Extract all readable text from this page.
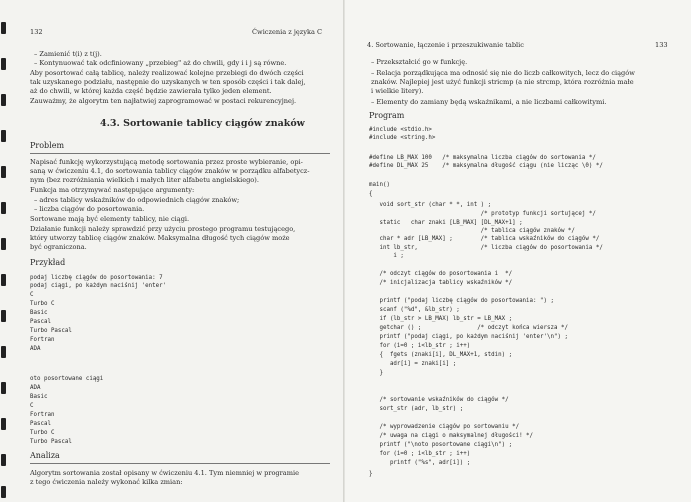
132	Ćwiczenia z języka C
– Zamienić t(i) z t(j).
– Kontynuować tak odcfiniowany „przebieg" aż do chwili, gdy i i j są równe.
Aby posortować całą tablicę, należy realizować kolejne przebiegi do dwóch części
tak uzyskanego podziału, następnie do uzyskanych w ten sposób części i tak dalej,
aż do chwili, w której każda część będzie zawierała tylko jeden element.
Zauważmy, że algorytm ten najłatwiej zaprogramować w postaci rekurencyjnej.
4.3. Sortowanie tablicy ciągów znaków
Problem
Napisać funkcję wykorzystującą metodę sortowania przez proste wybieranie, opi-
saną w ćwiczeniu 4.1, do sortowania tablicy ciągów znaków w porządku alfabetycz-
nym (bez rozróżniania wielkich i małych liter alfabetu angielskiego).
Funkcja ma otrzymywać następujące argumenty:
– adres tablicy wskaźników do odpowiednich ciągów znaków;
– liczba ciągów do posortowania.
Sortowane mają być elementy tablicy, nie ciągi.
Działanie funkcji należy sprawdzić przy użyciu prostego programu testującego,
który utworzy tablicę ciągów znaków. Maksymalna długość tych ciągów może
być ograniczona.
Przykład
podaj liczbę ciągów do posortowania: 7
podaj ciągi, po każdym naciśnij 'enter'
C
Turbo C
Basic
Pascal
Turbo Pascal
Fortran
ADA
oto posortowane ciągi
ADA
Basic
C
Fortran
Pascal
Turbo C
Turbo Pascal
Analiza
Algorytm sortowania został opisany w ćwiczeniu 4.1. Tym niemniej w programie
z tego ćwiczenia należy wykonać kilka zmian:
4. Sortowanie, łączenie i przeszukiwanie tablic	133
– Przekształcić go w funkcję.
– Relacja porządkująca ma odnosić się nie do liczb całkowitych, lecz do ciągów
znaków. Najlepiej jest użyć funkcji stricmp (a nie strcmp, która rozróżnia małe
i wielkie litery).
– Elementy do zamiany będą wskaźnikami, a nie liczbami całkowitymi.
Program
#include <stdio.h>
#include <string.h>
#define LB_MAX 100   /* maksymalna liczba ciągów do sortowania */
#define DL_MAX 25    /* maksymalna długość ciągu (nie licząc \0) */
main()
{
void sort_str (char * *, int ) ;
/* prototyp funkcji sortującej */
static   char znaki [LB_MAX] [DL_MAX+1] ;
/* tablica ciągów znaków */
char * adr [LB_MAX] ;        /* tablica wskaźników do ciągów */
int lb_str,                  /* liczba ciągów do posortowania */
i ;
/* odczyt ciągów do posortowania i  */
/* inicjalizacja tablicy wskaźników */
printf ("podaj liczbę ciągów do posortowania: ") ;
scanf ("%d", &lb_str) ;
if (lb_str > LB_MAX) lb_str = LB_MAX ;
getchar () ;                /* odczyt końca wiersza */
printf ("podaj ciągi, po każdym naciśnij 'enter'\n") ;
for (i=0 ; i<lb_str ; i++)
{  fgets (znaki[i], DL_MAX+1, stdin) ;
adr[i] = znaki[i] ;
}
/* sortowanie wskaźników do ciągów */
sort_str (adr, lb_str) ;
/* wyprowadzenie ciągów po sortowaniu */
/* uwaga na ciągi o maksymalnej długości! */
printf ("\noto posortowane ciągi\n") ;
for (i=0 ; i<lb_str ; i++)
printf ("%s", adr[i]) ;
}
